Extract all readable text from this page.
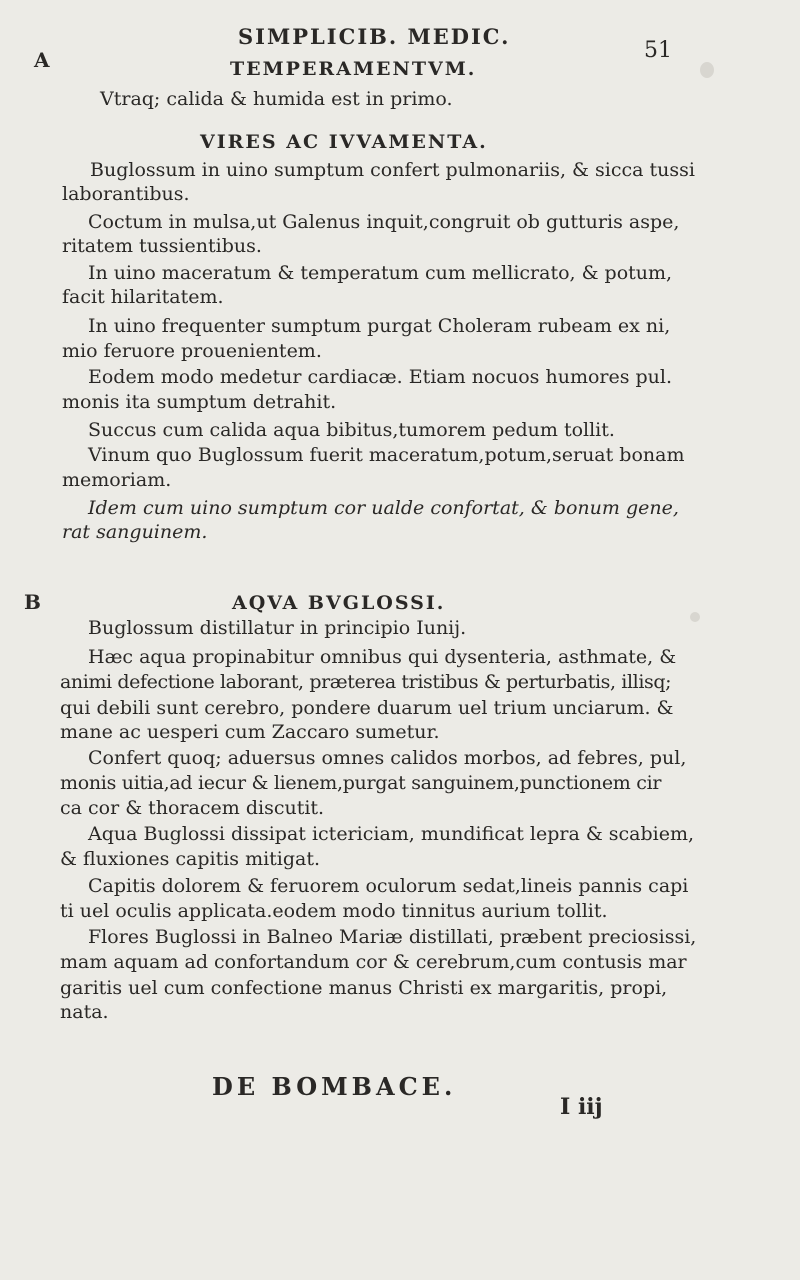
SIMPLICIB. MEDIC.
51
A	TEMPERAMENTVM.
Vtraq; calida & humida est in primo.
VIRES AC IVVAMENTA.
Buglossum in uino sumptum confert pulmonariis, & sicca tussi
laborantibus.
Coctum in mulsa,ut Galenus inquit,congruit ob gutturis aspe,
ritatem tussientibus.
In uino maceratum & temperatum cum mellicrato, & potum,
facit hilaritatem.
In uino frequenter sumptum purgat Choleram rubeam ex ni,
mio feruore prouenientem.
Eodem modo medetur cardiacæ. Etiam nocuos humores pul.
monis ita sumptum detrahit.
Succus cum calida aqua bibitus,tumorem pedum tollit.
Vinum quo Buglossum fuerit maceratum,potum,seruat bonam
memoriam.
Idem cum uino sumptum cor ualde confortat, & bonum gene,
rat sanguinem.
B	AQVA BVGLOSSI.
Buglossum distillatur in principio Iunij.
Hæc aqua propinabitur omnibus qui dysenteria, asthmate, &
animi defectione laborant, præterea tristibus & perturbatis, illisq;
qui debili sunt cerebro, pondere duarum uel trium unciarum. &
mane ac uesperi cum Zaccaro sumetur.
Confert quoq; aduersus omnes calidos morbos, ad febres, pul,
monis uitia,ad iecur & lienem,purgat sanguinem,punctionem cir
ca cor & thoracem discutit.
Aqua Buglossi dissipat ictericiam, mundificat lepra & scabiem,
& fluxiones capitis mitigat.
Capitis dolorem & feruorem oculorum sedat,lineis pannis capi
ti uel oculis applicata.eodem modo tinnitus aurium tollit.
Flores Buglossi in Balneo Mariæ distillati, præbent preciosissi,
mam aquam ad confortandum cor & cerebrum,cum contusis mar
garitis uel cum confectione manus Christi ex margaritis, propi,
nata.
DE BOMBACE.
I iij
